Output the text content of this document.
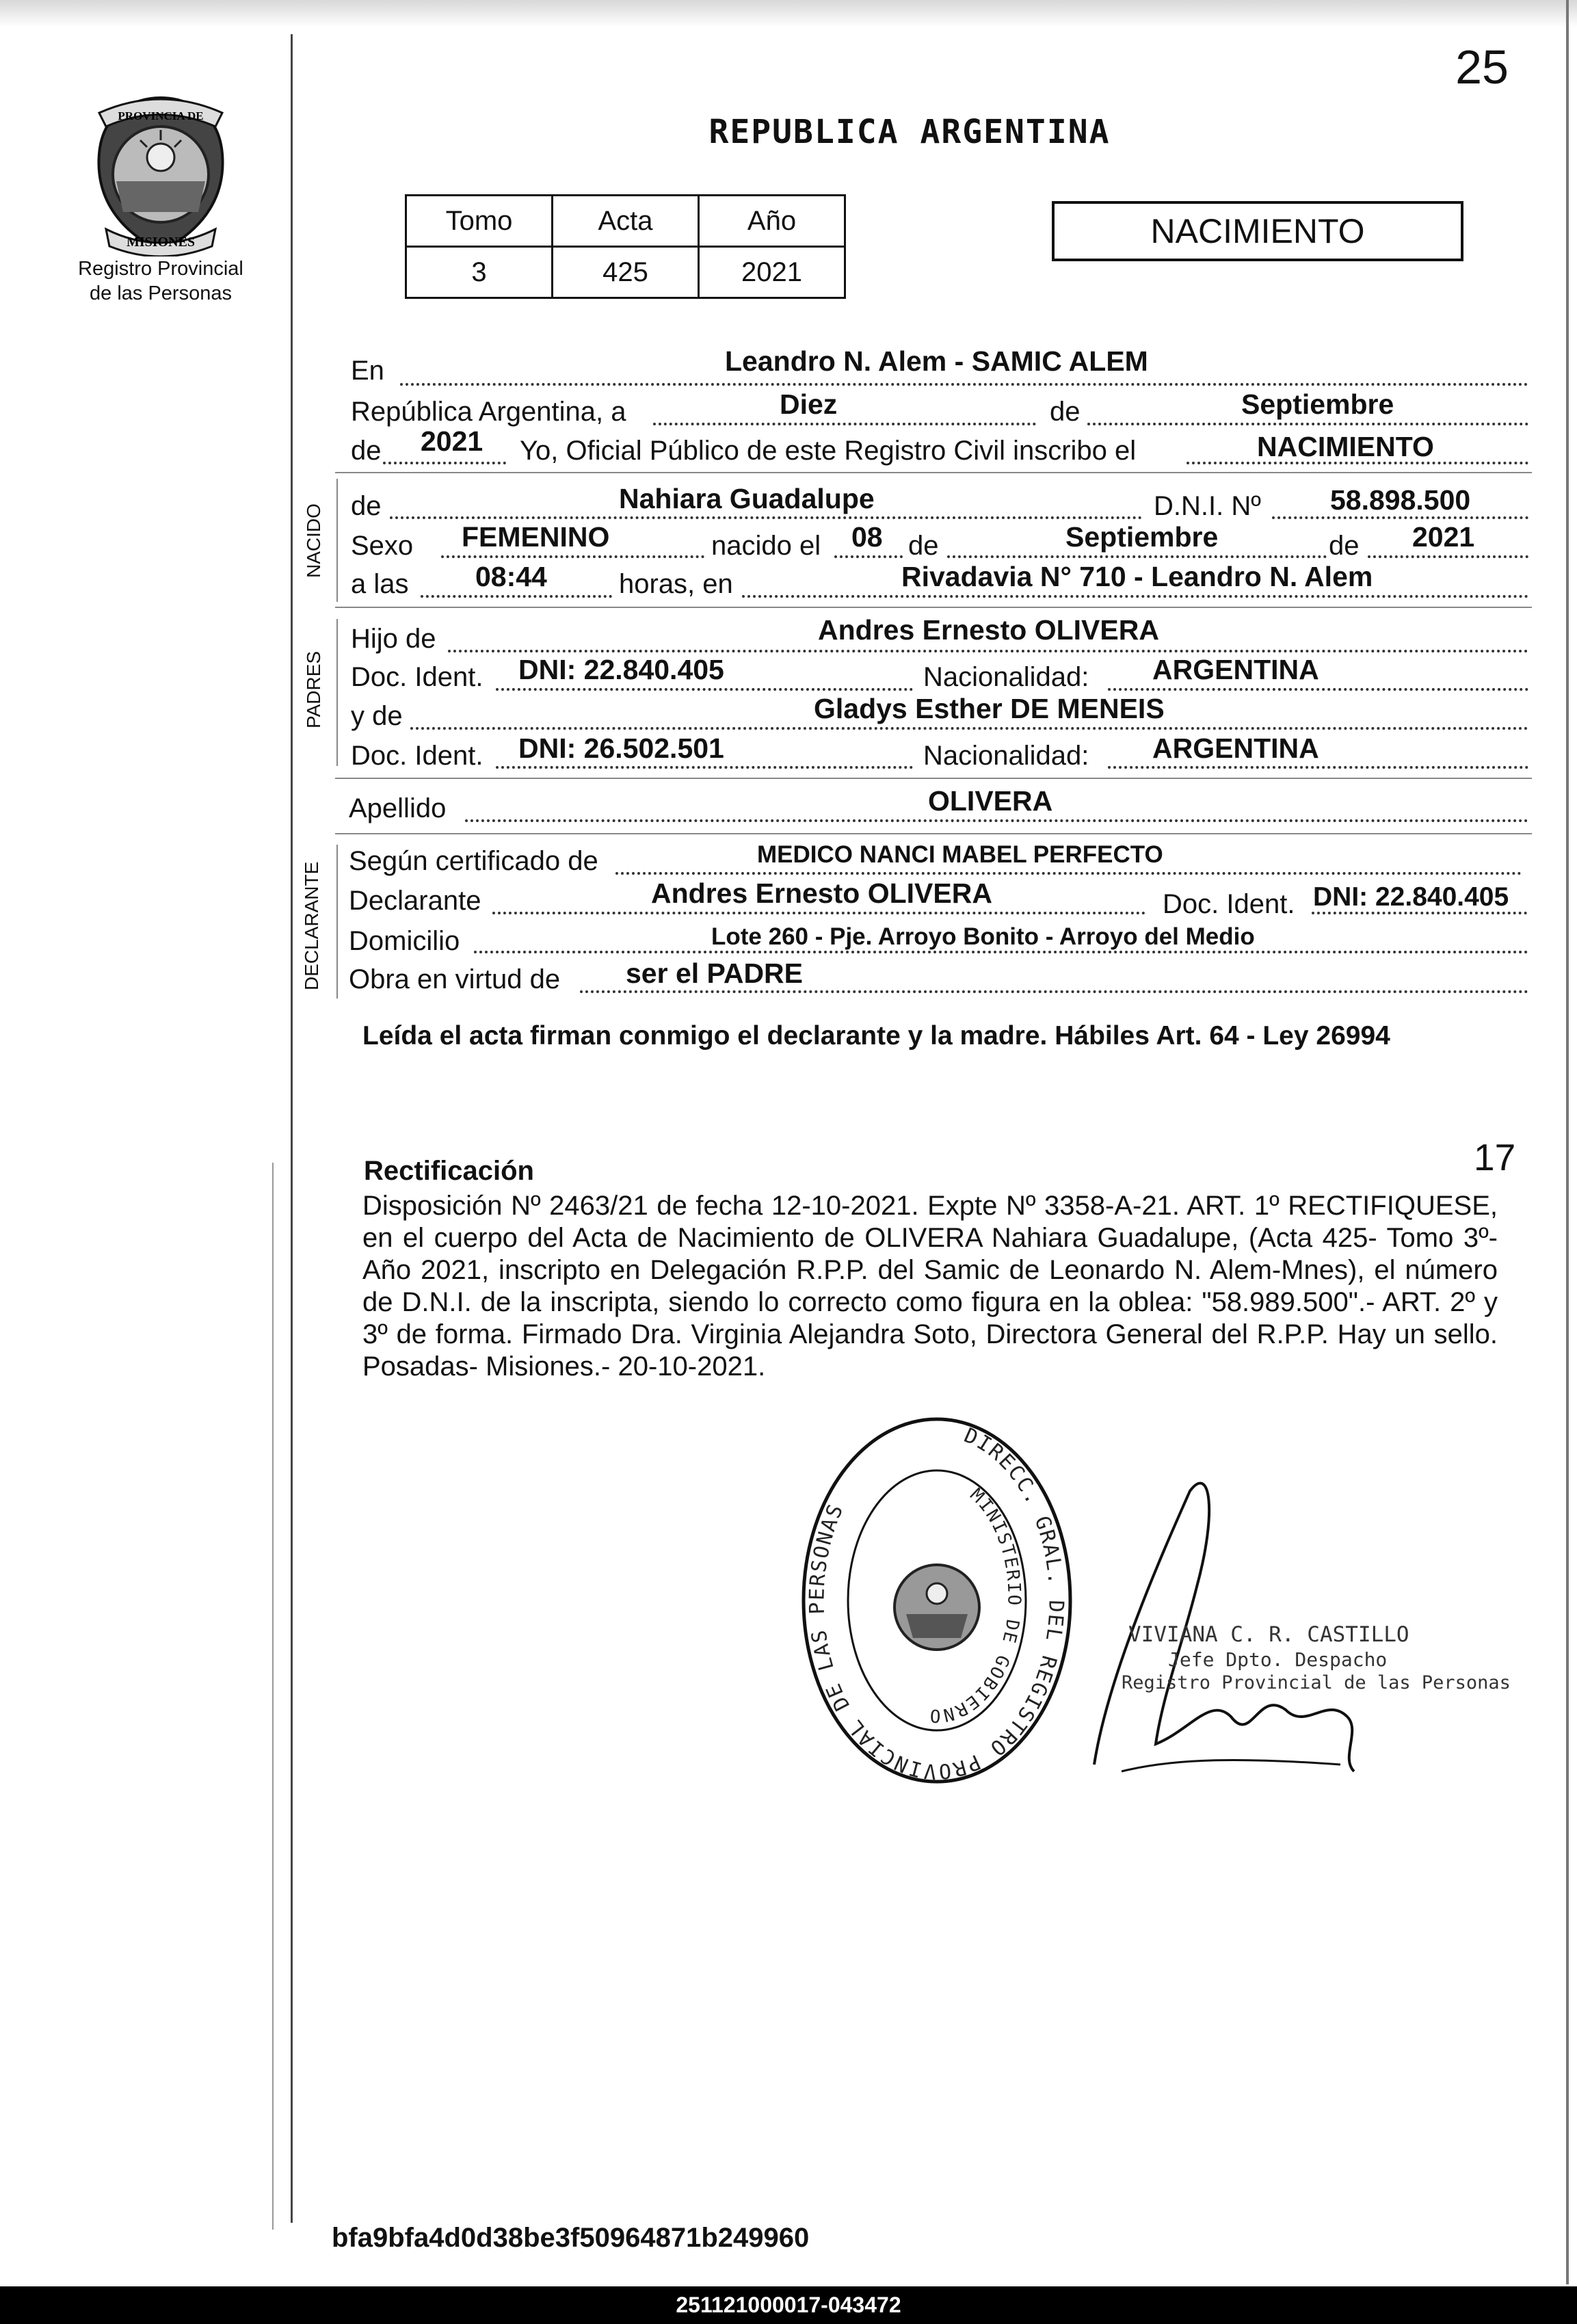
25
PROVINCIA DE
MISIONES
Registro Provincial
de las Personas
REPUBLICA ARGENTINA
Tomo	Acta	Año
3	425	2021
NACIMIENTO
En	Leandro N. Alem - SAMIC ALEM
República Argentina, a	Diez	de	Septiembre
de 2021 Yo, Oficial Público de este Registro Civil inscribo el	NACIMIENTO
NACIDO de	Nahiara Guadalupe	D.N.I. Nº 58.898.500
Sexo FEMENINO	nacido el 08 de	Septiembre	de 2021
a las 08:44	horas, en	Rivadavia N° 710 - Leandro N. Alem
PADRES
Hijo de	Andres Ernesto OLIVERA
Doc. Ident. DNI: 22.840.405	Nacionalidad: ARGENTINA
y de	Gladys Esther DE MENEIS
Doc. Ident. DNI: 26.502.501	Nacionalidad: ARGENTINA
Apellido	OLIVERA
DECLARANTE
Según certificado de	MEDICO NANCI MABEL PERFECTO
Declarante	Andres Ernesto OLIVERA	Doc. Ident. DNI: 22.840.405
Domicilio	Lote 260 - Pje. Arroyo Bonito - Arroyo del Medio
Obra en virtud de ser el PADRE
Leída el acta firman conmigo el declarante y la madre. Hábiles Art. 64 - Ley 26994
Rectificación	17
Disposición Nº 2463/21 de fecha 12-10-2021. Expte Nº 3358-A-21. ART. 1º RECTIFIQUESE, en el cuerpo del Acta de Nacimiento de OLIVERA Nahiara Guadalupe, (Acta 425- Tomo 3º- Año 2021, inscripto en Delegación R.P.P. del Samic de Leonardo N. Alem-Mnes), el número de D.N.I. de la inscripta, siendo lo correcto como figura en la oblea: "58.989.500".- ART. 2º y 3º de forma. Firmado Dra. Virginia Alejandra Soto, Directora General del R.P.P. Hay un sello. Posadas- Misiones.- 20-10-2021.
DIRECC. GRAL. DEL REGISTRO PROVINCIAL DE LAS PERSONAS
MINISTERIO DE GOBIERNO
VIVIANA C. R. CASTILLO
Jefe Dpto. Despacho
Registro Provincial de las Personas
bfa9bfa4d0d38be3f50964871b249960
251121000017-043472
